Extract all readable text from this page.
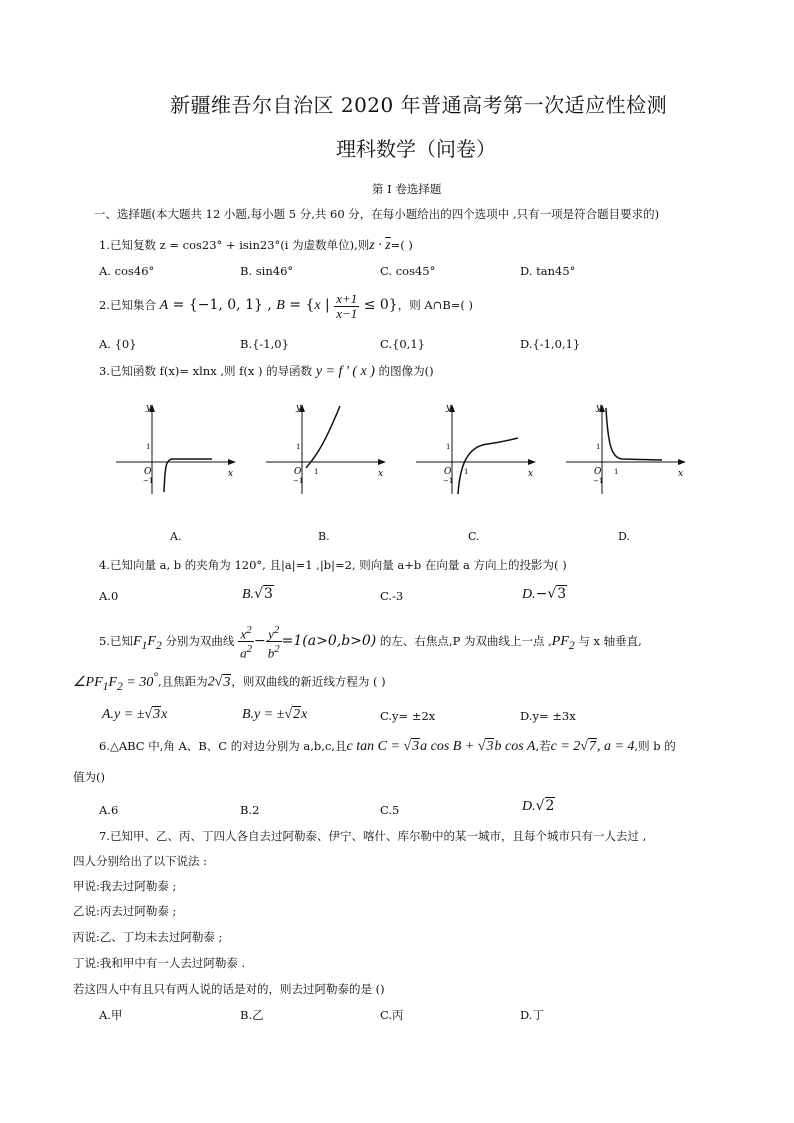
新疆维吾尔自治区 2020 年普通高考第一次适应性检测
理科数学（问卷）
第 I 卷选择题
一、选择题(本大题共 12 小题,每小题 5 分,共 60 分，在每小题给出的四个选项中 ,只有一项是符合题目要求的)
1.已知复数 z = cos23° + isin23°(i 为虚数单位),则$z \cdot \overline{z}=$( )
A. cos46°	B. sin46°	C. cos45°	D. tan45°
2.已知集合 A = {−1, 0, 1} , B = {x | $\frac{x+1}{x-1} \le 0$}，则 A∩B=( )
A. {0}	B.{-1,0}	C.{0,1}	D.{-1,0,1}
3.已知函数 f(x)= xlnx ,则 f(x ) 的导函数 y = f ' ( x ) 的图像为()
y
x
O
−1
1
A.
y
x
O
−1
1
1
B.
y
x
O
−1
1
1
C.
y
x
O
−1
1
1
D.
4.已知向量 a, b 的夹角为 120°, 且|a|=1 ,|b|=2, 则向量 a+b 在向量 a 方向上的投影为( )
A.0	B.√3	C.-3	D.−√3
5.已知$F_1F_2$ 分别为双曲线 $\frac{x^2}{a^2} - \frac{y^2}{b^2} =1(a>0,b>0)$ 的左、右焦点,P 为双曲线上一点 $,PF_2$ 与 x 轴垂直,
$\angle PF_1F_2 = 30^\circ$,且焦距为2√3，则双曲线的新近线方程为 ( )
A.y = ±√3x	B.y = ±√2x	C.y= ±2x	D.y= ±3x
6.△ABC 中,角 A、B、C 的对边分别为 a,b,c,且c tan C = √3a cos B + √3b cos A,若c = 2√7, a = 4,则 b 的
值为()
A.6	B.2	C.5	D.√2
7.已知甲、乙、丙、丁四人各自去过阿勒泰、伊宁、喀什、库尔勒中的某一城市，且每个城市只有一人去过 ,
四人分别给出了以下说法 :
甲说:我去过阿勒泰 ;
乙说:丙去过阿勒泰 ;
丙说:乙、丁均未去过阿勒泰 ;
丁说:我和甲中有一人去过阿勒泰 .
若这四人中有且只有两人说的话是对的，则去过阿勒泰的是 ()
A.甲	B.乙	C.丙	D.丁
